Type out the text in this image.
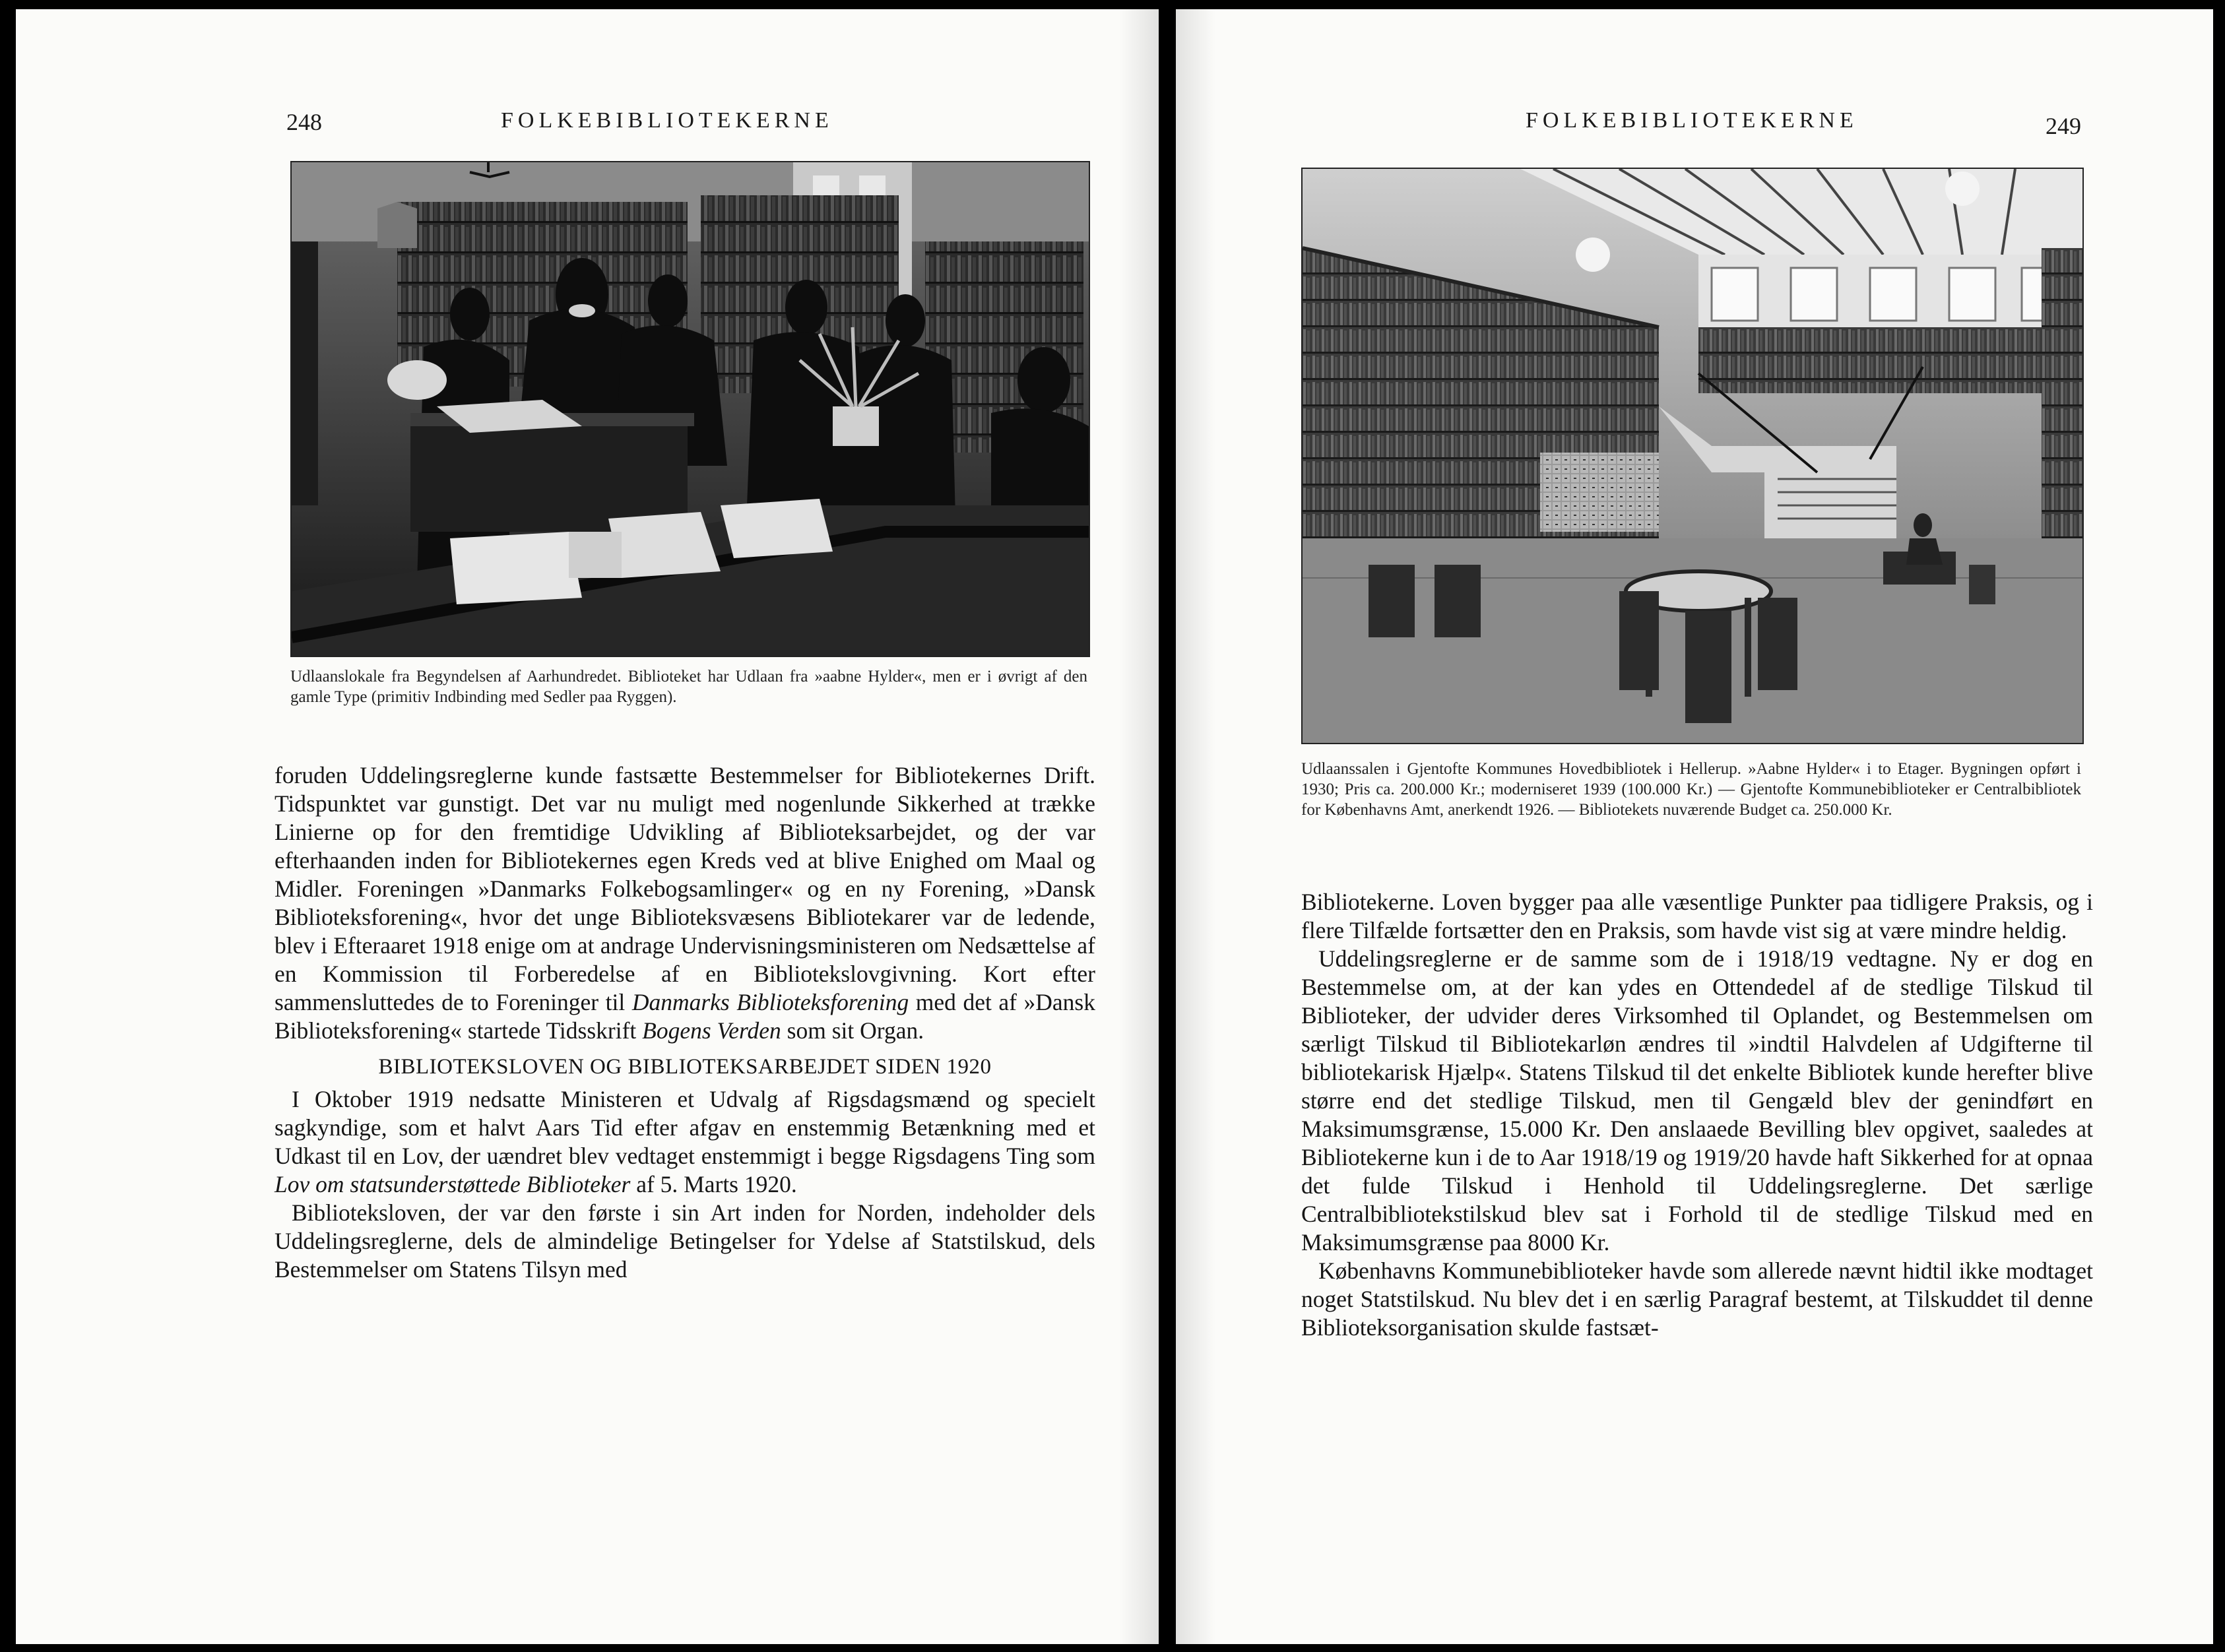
248	FOLKEBIBLIOTEKERNE
Udlaanslokale fra Begyndelsen af Aarhundredet. Biblioteket har Udlaan fra »aabne Hylder«, men er i øvrigt af den gamle Type (primitiv Indbinding med Sedler paa Ryggen).

foruden Uddelingsreglerne kunde fastsætte Bestemmelser for Bibliotekernes Drift. Tidspunktet var gunstigt. Det var nu muligt med nogenlunde Sikkerhed at trække Linierne op for den fremtidige Udvikling af Biblioteksarbejdet, og der var efterhaanden inden for Bibliotekernes egen Kreds ved at blive Enighed om Maal og Midler. Foreningen »Danmarks Folkebogsamlinger« og en ny Forening, »Dansk Biblioteksforening«, hvor det unge Biblioteksvæsens Bibliotekarer var de ledende, blev i Efteraaret 1918 enige om at andrage Undervisningsministeren om Nedsættelse af en Kommission til Forberedelse af en Bibliotekslovgivning. Kort efter sammensluttedes de to Foreninger til Danmarks Biblioteksforening med det af »Dansk Biblioteksforening« startede Tidsskrift Bogens Verden som sit Organ.

BIBLIOTEKSLOVEN OG BIBLIOTEKSARBEJDET SIDEN 1920

I Oktober 1919 nedsatte Ministeren et Udvalg af Rigsdagsmænd og specielt sagkyndige, som et halvt Aars Tid efter afgav en enstemmig Betænkning med et Udkast til en Lov, der uændret blev vedtaget enstemmigt i begge Rigsdagens Ting som Lov om statsunderstøttede Biblioteker af 5. Marts 1920.

Biblioteksloven, der var den første i sin Art inden for Norden, indeholder dels Uddelingsreglerne, dels de almindelige Betingelser for Ydelse af Statstilskud, dels Bestemmelser om Statens Tilsyn med

FOLKEBIBLIOTEKERNE	249
Udlaanssalen i Gjentofte Kommunes Hovedbibliotek i Hellerup. »Aabne Hylder« i to Etager. Bygningen opført i 1930; Pris ca. 200.000 Kr.; moderniseret 1939 (100.000 Kr.) — Gjentofte Kommunebiblioteker er Centralbibliotek for Københavns Amt, anerkendt 1926. — Bibliotekets nuværende Budget ca. 250.000 Kr.

Bibliotekerne. Loven bygger paa alle væsentlige Punkter paa tidligere Praksis, og i flere Tilfælde fortsætter den en Praksis, som havde vist sig at være mindre heldig.

Uddelingsreglerne er de samme som de i 1918/19 vedtagne. Ny er dog en Bestemmelse om, at der kan ydes en Ottendedel af de stedlige Tilskud til Biblioteker, der udvider deres Virksomhed til Oplandet, og Bestemmelsen om særligt Tilskud til Bibliotekarløn ændres til »indtil Halvdelen af Udgifterne til bibliotekarisk Hjælp«. Statens Tilskud til det enkelte Bibliotek kunde herefter blive større end det stedlige Tilskud, men til Gengæld blev der genindført en Maksimumsgrænse, 15.000 Kr. Den anslaaede Bevilling blev opgivet, saaledes at Bibliotekerne kun i de to Aar 1918/19 og 1919/20 havde haft Sikkerhed for at opnaa det fulde Tilskud i Henhold til Uddelingsreglerne. Det særlige Centralbibliotekstilskud blev sat i Forhold til de stedlige Tilskud med en Maksimumsgrænse paa 8000 Kr.

Københavns Kommunebiblioteker havde som allerede nævnt hidtil ikke modtaget noget Statstilskud. Nu blev det i en særlig Paragraf bestemt, at Tilskuddet til denne Biblioteksorganisation skulde fastsæt-
